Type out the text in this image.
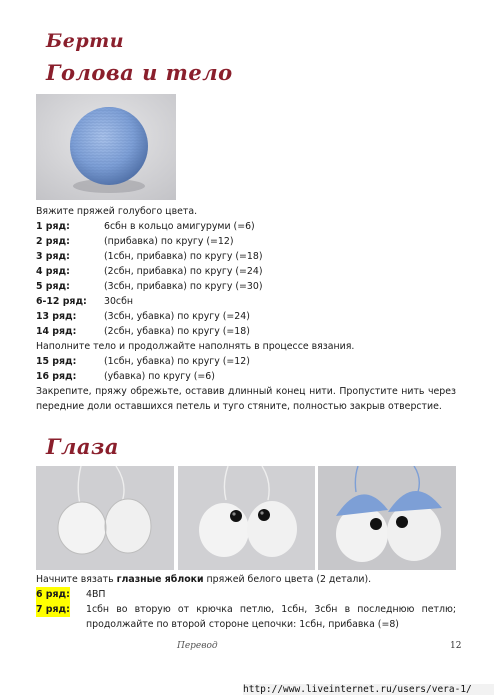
Берти
Голова и тело
Вяжите пряжей голубого цвета.
1 ряд:	6сбн в кольцо амигуруми (=6)
2 ряд:	(прибавка) по кругу (=12)
3 ряд:	(1сбн, прибавка) по кругу (=18)
4 ряд:	(2сбн, прибавка) по кругу (=24)
5 ряд:	(3сбн, прибавка) по кругу (=30)
6-12 ряд: 30сбн
13 ряд:	(3сбн, убавка) по кругу (=24)
14 ряд:	(2сбн, убавка) по кругу (=18)
Наполните тело и продолжайте наполнять в процессе вязания.
15 ряд:	(1сбн, убавка) по кругу (=12)
16 ряд:	(убавка) по кругу (=6)
Закрепите, пряжу обрежьте, оставив длинный конец нити. Пропустите нить через передние доли оставшихся петель и туго стяните, полностью закрыв отверстие.
Глаза
Начните вязать глазные яблоки пряжей белого цвета (2 детали).
6 ряд: 4ВП
7 ряд: 1сбн во вторую от крючка петлю, 1сбн, 3сбн в последнюю петлю; продолжайте по второй стороне цепочки: 1сбн, прибавка (=8)
Перевод	12
http://www.liveinternet.ru/users/vera-1/
